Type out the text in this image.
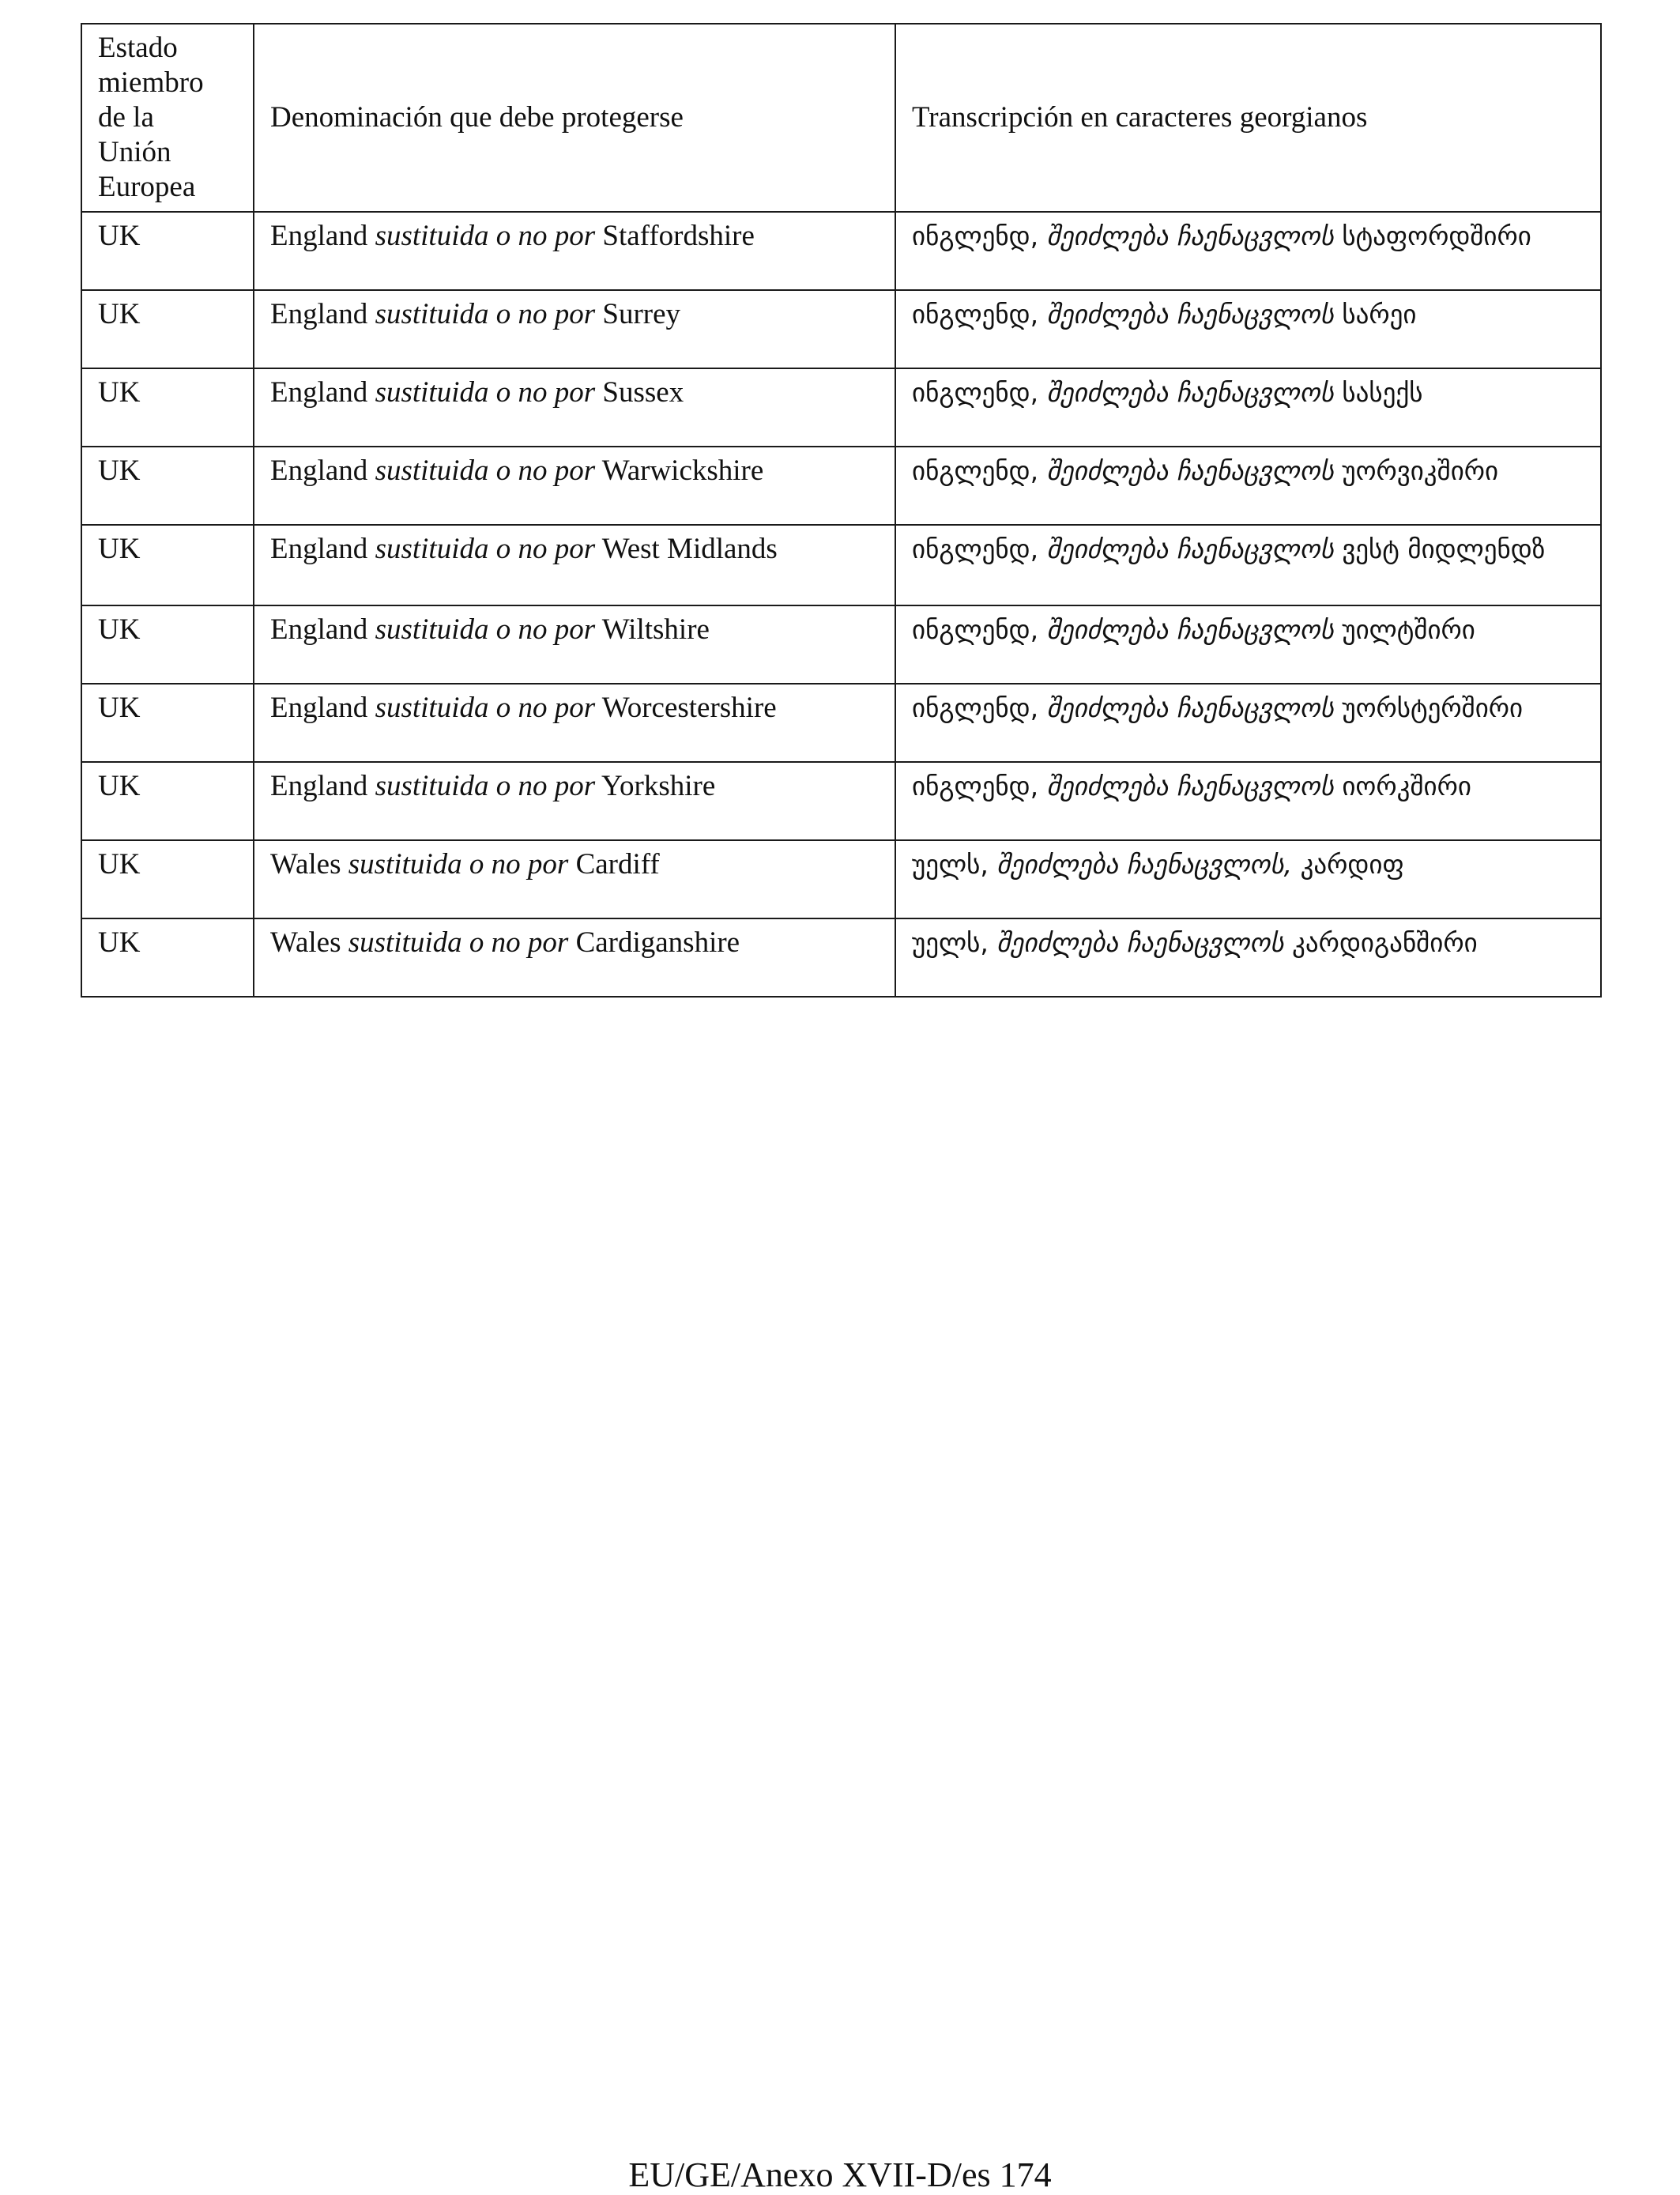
Estado miembro de la Unión Europea	Denominación que debe protegerse	Transcripción en caracteres georgianos
UK	England sustituida o no por Staffordshire	ინგლენდ, შეიძლება ჩაენაცვლოს სტაფორდშირი
UK	England sustituida o no por Surrey	ინგლენდ, შეიძლება ჩაენაცვლოს სარეი
UK	England sustituida o no por Sussex	ინგლენდ, შეიძლება ჩაენაცვლოს სასექს
UK	England sustituida o no por Warwickshire	ინგლენდ, შეიძლება ჩაენაცვლოს უორვიკშირი
UK	England sustituida o no por West Midlands	ინგლენდ, შეიძლება ჩაენაცვლოს ვესტ მიდლენდზ
UK	England sustituida o no por Wiltshire	ინგლენდ, შეიძლება ჩაენაცვლოს უილტშირი
UK	England sustituida o no por Worcestershire	ინგლენდ, შეიძლება ჩაენაცვლოს უორსტერშირი
UK	England sustituida o no por Yorkshire	ინგლენდ, შეიძლება ჩაენაცვლოს იორკშირი
UK	Wales sustituida o no por Cardiff	უელს, შეიძლება ჩაენაცვლოს, კარდიფ
UK	Wales sustituida o no por Cardiganshire	უელს, შეიძლება ჩაენაცვლოს კარდიგანშირი
EU/GE/Anexo XVII-D/es 174
